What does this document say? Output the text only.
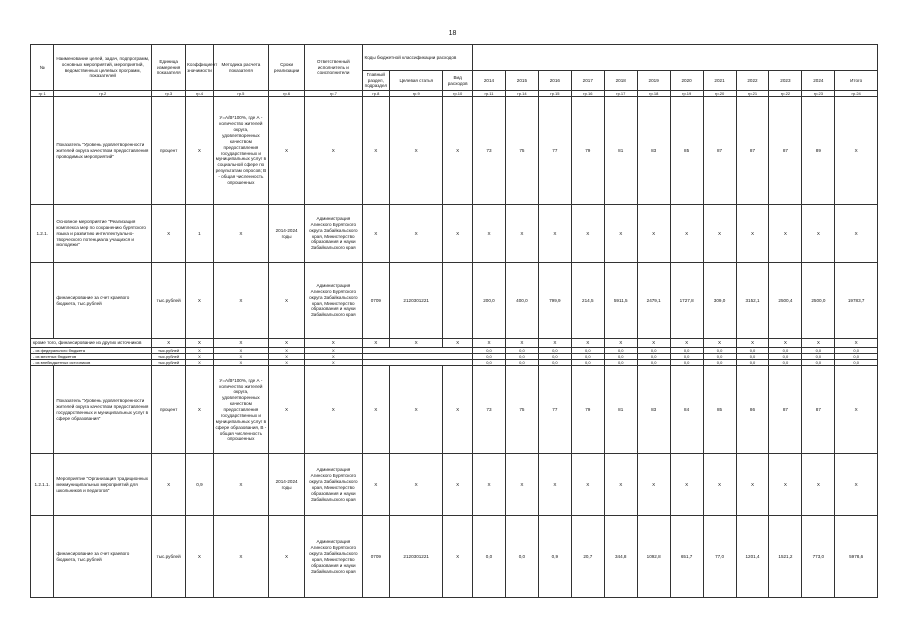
18
№	Наименование целей, задач, подпрограмм, основных мероприятий, мероприятий, ведомственных целевых программ, показателей	Единица измерения показателя	Коэффициент значимости	Методика расчета показателя	Сроки реализации	Ответственный исполнитель и соисполнители	Коды бюджетной классификации расходов														
							Главный раздел, подраздел	Целевая статья	Вид расходов	2014	2015	2016	2017	2018	2019	2020	2021	2022	2023	2024	Итого
гр 1	гр.2	гр.3	гр.4	гр.5	гр.6	гр.7	гр.8	гр.9	гр.10	гр.11	гр.14	гр.15	гр.16	гр.17	гр.18	гр.19	гр.20	гр.21	гр.22	гр.23	гр.24
	Показатель "Уровень удовлетворенности жителей округа качеством предоставления проводимых мероприятий"	процент	Х	У=А/В*100%, где А - количество жителей округа, удовлетворенных качеством предоставления государственных и муниципальных услуг в социальной сфере по результатам опросов; В - общая численность опрошенных	Х	Х	Х	Х	Х	73	75	77	79	81	83	85	87	87	87	89	Х
1.2.1.	Основное мероприятие "Реализация комплекса мер по сохранению бурятского языка и развитию интеллектуально-творческого потенциала учащихся и молодежи"	Х	1	Х	2014-2024 годы	Администрация Агинского Бурятского округа Забайкальского края, Министерство образования и науки Забайкальского края	Х	Х	Х	Х	Х	Х	Х	Х	Х	Х	Х	Х	Х	Х	Х
	финансирование за счет краевого бюджета, тыс.рублей	тыс.рублей	Х	Х	Х	Администрация Агинского Бурятского округа Забайкальского края, Министерство образования и науки Забайкальского края	0709	2120301221		200,0	400,0	799,9	214,5	5911,5	2479,1	1727,8	309,0	3152,1	2500,4	2500,0	19783,7
кроме того, финансирование из других источников		Х	Х	Х	Х	Х	Х	Х	Х	Х	Х	Х	Х	Х	Х	Х	Х	Х	Х	Х	Х
- из федерального бюджета		тыс.рублей	Х	Х	Х	Х				0,0	0,0	0,0	0,0	0,0	0,0	0,0	0,0	0,0	0,0	0,0	0,0
- из местных бюджетов		тыс.рублей	Х	Х	Х	Х				0,0	0,0	0,0	0,0	0,0	0,0	0,0	0,0	0,0	0,0	0,0	0,0
- из внебюджетных источников		тыс.рублей	Х	Х	Х	Х				0,0	0,0	0,0	0,0	0,0	0,0	0,0	0,0	0,0	0,0	0,0	0,0
	Показатель "Уровень удовлетворенности жителей округа качеством предоставления государственных и муниципальных услуг в сфере образования"	процент	Х	У=А/В*100%, где А - количество жителей округа, удовлетворенных качеством предоставления государственных и муниципальных услуг в сфере образования, В - общая численность опрошенных	Х	Х	Х	Х	Х	73	75	77	79	81	83	84	85	86	87	87	Х
1.2.1.1.	Мероприятие "Организация традиционных межмуниципальных мероприятий для школьников и педагогов"	Х	0,9	Х	2014-2024 годы	Администрация Агинского Бурятского округа Забайкальского края, Министерство образования и науки Забайкальского края	Х	Х	Х	Х	Х	Х	Х	Х	Х	Х	Х	Х	Х	Х	Х
	финансирование за счет краевого бюджета, тыс.рублей	тыс.рублей	Х	Х	Х	Администрация Агинского Бурятского округа Забайкальского края, Министерство образования и науки Забайкальского края	0709	2120301221	Х	0,0	0,0	0,9	20,7	344,8	1092,8	651,7	77,0	1201,4	1521,2	773,0	5978,6
